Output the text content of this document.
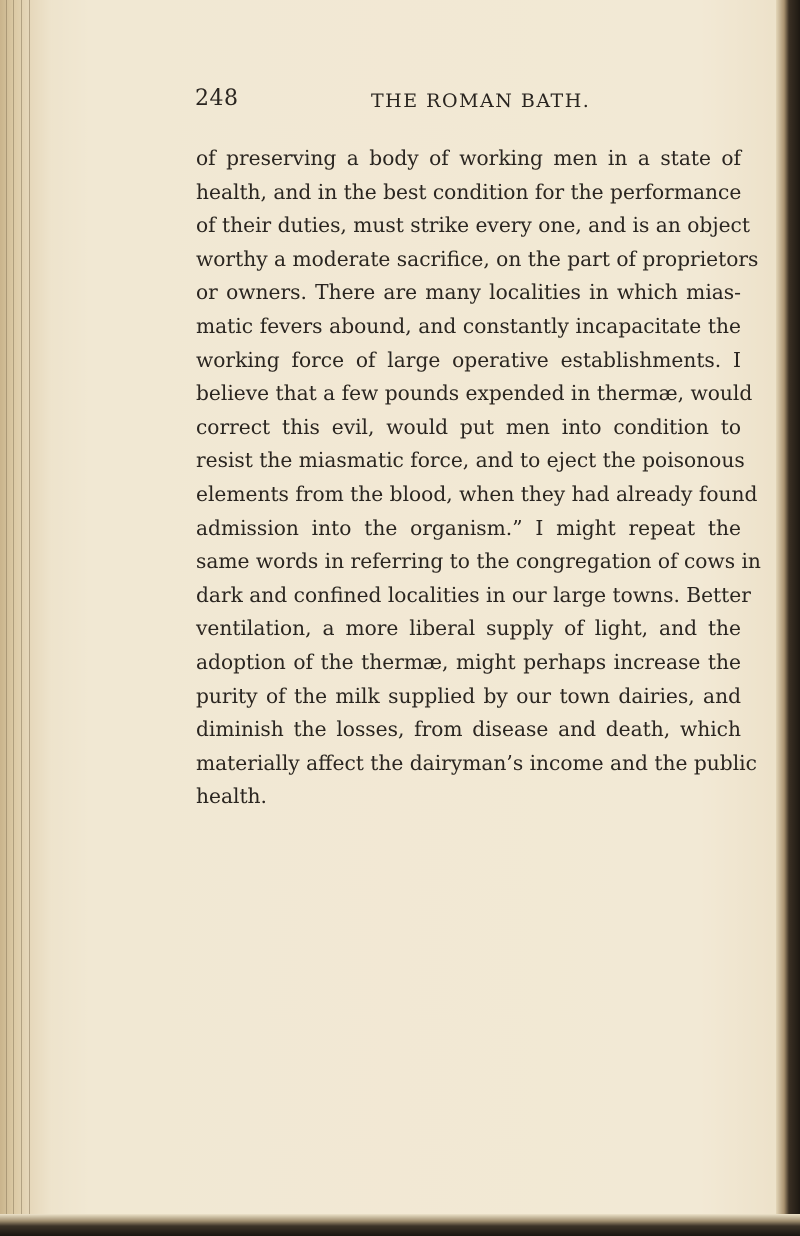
248	THE ROMAN BATH.
of preserving a body of working men in a state of
health, and in the best condition for the performance
of their duties, must strike every one, and is an object
worthy a moderate sacrifice, on the part of proprietors
or owners. There are many localities in which mias-
matic fevers abound, and constantly incapacitate the
working force of large operative establishments. I
believe that a few pounds expended in thermæ, would
correct this evil, would put men into condition to
resist the miasmatic force, and to eject the poisonous
elements from the blood, when they had already found
admission into the organism.” I might repeat the
same words in referring to the congregation of cows in
dark and confined localities in our large towns. Better
ventilation, a more liberal supply of light, and the
adoption of the thermæ, might perhaps increase the
purity of the milk supplied by our town dairies, and
diminish the losses, from disease and death, which
materially affect the dairyman’s income and the public
health.
